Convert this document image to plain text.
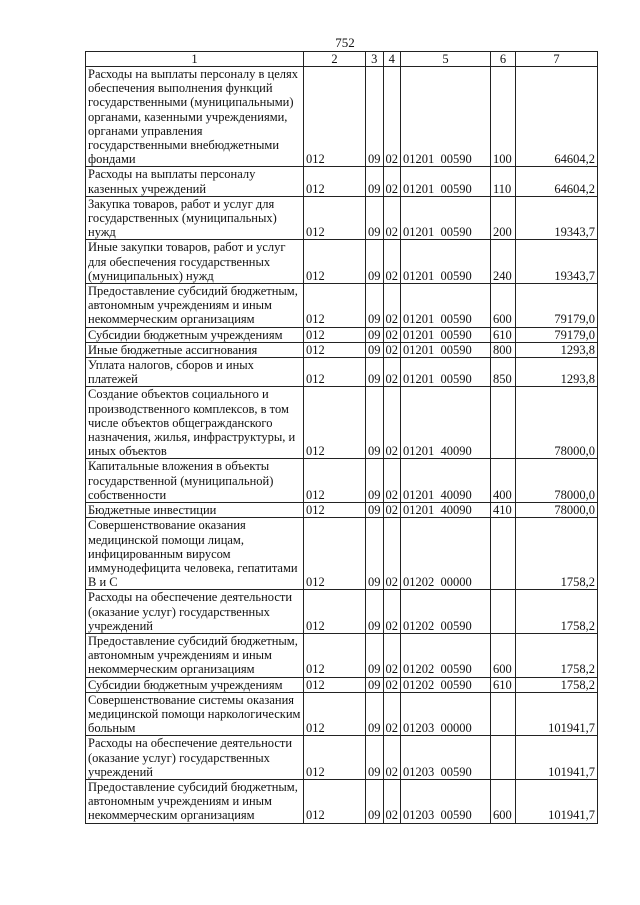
752
1	2	3	4	5	6	7
Расходы на выплаты персоналу в целях обеспечения выполнения функций государственными (муниципальными) органами, казенными учреждениями, органами управления государственными внебюджетными фондами	012	09	02	01201  00590	100	64604,2
Расходы на выплаты персоналу казенных учреждений	012	09	02	01201  00590	110	64604,2
Закупка товаров, работ и услуг для государственных (муниципальных) нужд	012	09	02	01201  00590	200	19343,7
Иные закупки товаров, работ и услуг для обеспечения государственных (муниципальных) нужд	012	09	02	01201  00590	240	19343,7
Предоставление субсидий бюджетным, автономным учреждениям и иным некоммерческим организациям	012	09	02	01201  00590	600	79179,0
Субсидии бюджетным учреждениям	012	09	02	01201  00590	610	79179,0
Иные бюджетные ассигнования	012	09	02	01201  00590	800	1293,8
Уплата налогов, сборов и иных платежей	012	09	02	01201  00590	850	1293,8
Создание объектов социального и производственного комплексов, в том числе объектов общегражданского назначения, жилья, инфраструктуры, и иных объектов	012	09	02	01201  40090		78000,0
Капитальные вложения в объекты государственной (муниципальной) собственности	012	09	02	01201  40090	400	78000,0
Бюджетные инвестиции	012	09	02	01201  40090	410	78000,0
Совершенствование оказания медицинской помощи лицам, инфицированным вирусом иммунодефицита человека, гепатитами В и С	012	09	02	01202  00000		1758,2
Расходы на обеспечение деятельности (оказание услуг) государственных учреждений	012	09	02	01202  00590		1758,2
Предоставление субсидий бюджетным, автономным учреждениям и иным некоммерческим организациям	012	09	02	01202  00590	600	1758,2
Субсидии бюджетным учреждениям	012	09	02	01202  00590	610	1758,2
Совершенствование системы оказания медицинской помощи наркологическим больным	012	09	02	01203  00000		101941,7
Расходы на обеспечение деятельности (оказание услуг) государственных учреждений	012	09	02	01203  00590		101941,7
Предоставление субсидий бюджетным, автономным учреждениям и иным некоммерческим организациям	012	09	02	01203  00590	600	101941,7
